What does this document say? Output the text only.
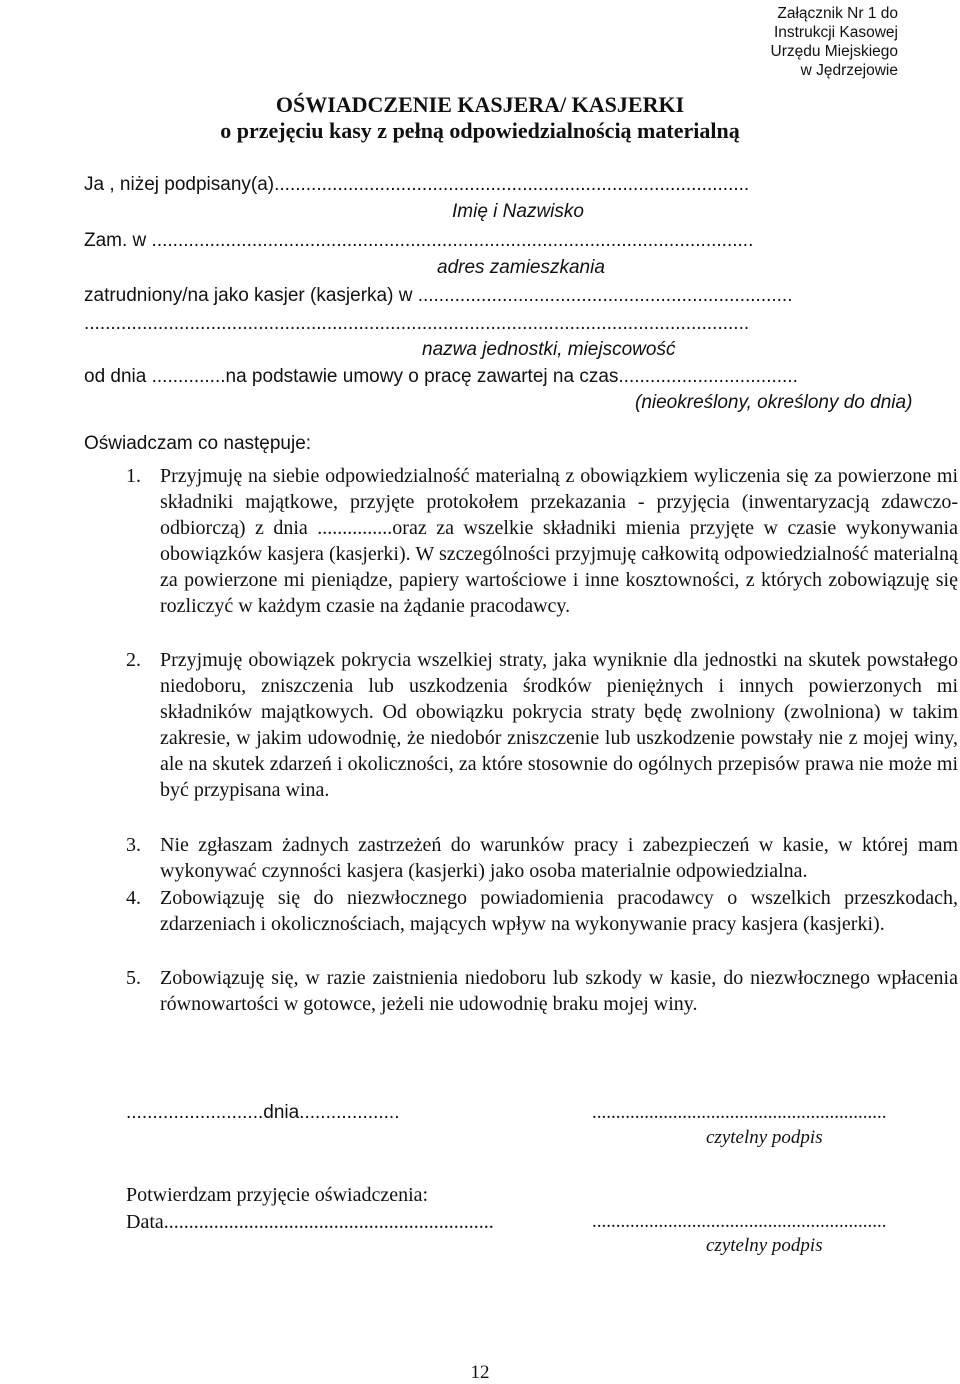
Załącznik Nr 1 do
Instrukcji Kasowej
Urzędu Miejskiego
w Jędrzejowie
OŚWIADCZENIE KASJERA/ KASJERKI
o przejęciu kasy z pełną odpowiedzialnością materialną
Ja , niżej podpisany(a)..........................................................................................
Imię i Nazwisko
Zam. w ..................................................................................................................
adres zamieszkania
zatrudniony/na jako kasjer (kasjerka) w .......................................................................
..............................................................................................................................
nazwa jednostki, miejscowość
od dnia ..............na podstawie umowy o pracę zawartej na czas..................................
(nieokreślony, określony do dnia)
Oświadczam co następuje:
1. Przyjmuję na siebie odpowiedzialność materialną z obowiązkiem wyliczenia się za powierzone mi składniki majątkowe, przyjęte protokołem przekazania - przyjęcia (inwentaryzacją zdawczo-odbiorczą) z dnia ...............oraz za wszelkie składniki mienia przyjęte w czasie wykonywania obowiązków kasjera (kasjerki). W szczególności przyjmuję całkowitą odpowiedzialność materialną za powierzone mi pieniądze, papiery wartościowe i inne kosztowności, z których zobowiązuję się rozliczyć w każdym czasie na żądanie pracodawcy.
2. Przyjmuję obowiązek pokrycia wszelkiej straty, jaka wyniknie dla jednostki na skutek powstałego niedoboru, zniszczenia lub uszkodzenia środków pieniężnych i innych powierzonych mi składników majątkowych. Od obowiązku pokrycia straty będę zwolniony (zwolniona) w takim zakresie, w jakim udowodnię, że niedobór zniszczenie lub uszkodzenie powstały nie z mojej winy, ale na skutek zdarzeń i okoliczności, za które stosownie do ogólnych przepisów prawa nie może mi być przypisana wina.
3. Nie zgłaszam żadnych zastrzeżeń do warunków pracy i zabezpieczeń w kasie, w której mam wykonywać czynności kasjera (kasjerki) jako osoba materialnie odpowiedzialna.
4. Zobowiązuję się do niezwłocznego powiadomienia pracodawcy o wszelkich przeszkodach, zdarzeniach i okolicznościach, mających wpływ na wykonywanie pracy kasjera (kasjerki).
5. Zobowiązuję się, w razie zaistnienia niedoboru lub szkody w kasie, do niezwłocznego wpłacenia równowartości w gotowce, jeżeli nie udowodnię braku mojej winy.
..........................dnia...................	..............................................................
czytelny podpis
Potwierdzam przyjęcie oświadczenia:
Data..................................................................	..............................................................
czytelny podpis
12
